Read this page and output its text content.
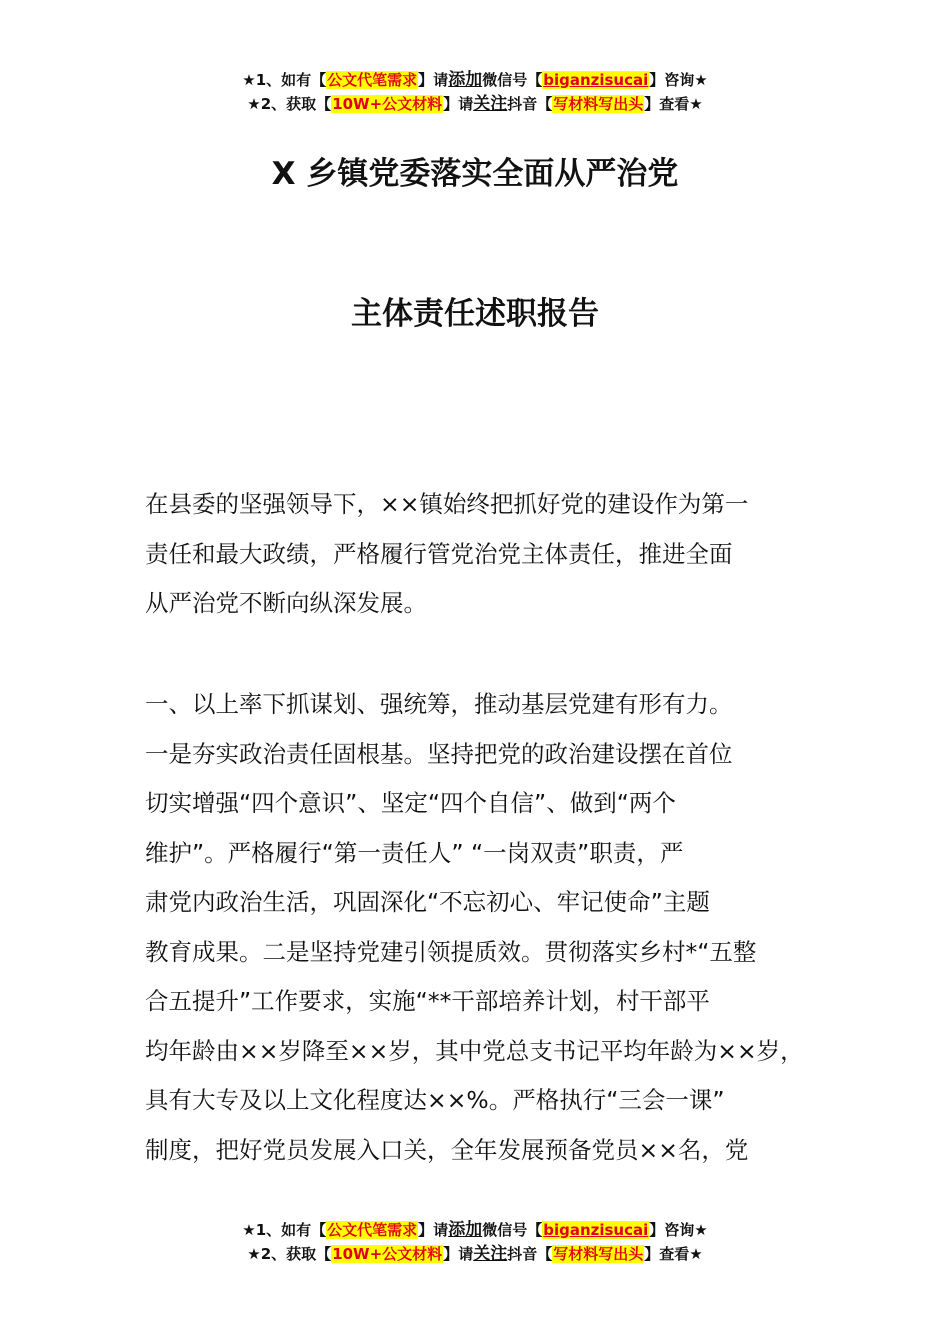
★1、如有【公文代笔需求】请添加微信号【biganzisucai】咨询★
★2、获取【10W+公文材料】请关注抖音【写材料写出头】查看★
X 乡镇党委落实全面从严治党
主体责任述职报告

在县委的坚强领导下，××镇始终把抓好党的建设作为第一
责任和最大政绩，严格履行管党治党主体责任，推进全面
从严治党不断向纵深发展。

一、以上率下抓谋划、强统筹，推动基层党建有形有力。
一是夯实政治责任固根基。坚持把党的政治建设摆在首位
切实增强“四个意识”、坚定“四个自信”、做到“两个
维护”。严格履行“第一责任人” “一岗双责”职责，严
肃党内政治生活，巩固深化“不忘初心、牢记使命”主题
教育成果。二是坚持党建引领提质效。贯彻落实乡村*“五整
合五提升”工作要求，实施“**干部培养计划，村干部平
均年龄由××岁降至××岁，其中党总支书记平均年龄为××岁，
具有大专及以上文化程度达××%。严格执行“三会一课”
制度，把好党员发展入口关，全年发展预备党员××名，党

★1、如有【公文代笔需求】请添加微信号【biganzisucai】咨询★
★2、获取【10W+公文材料】请关注抖音【写材料写出头】查看★
